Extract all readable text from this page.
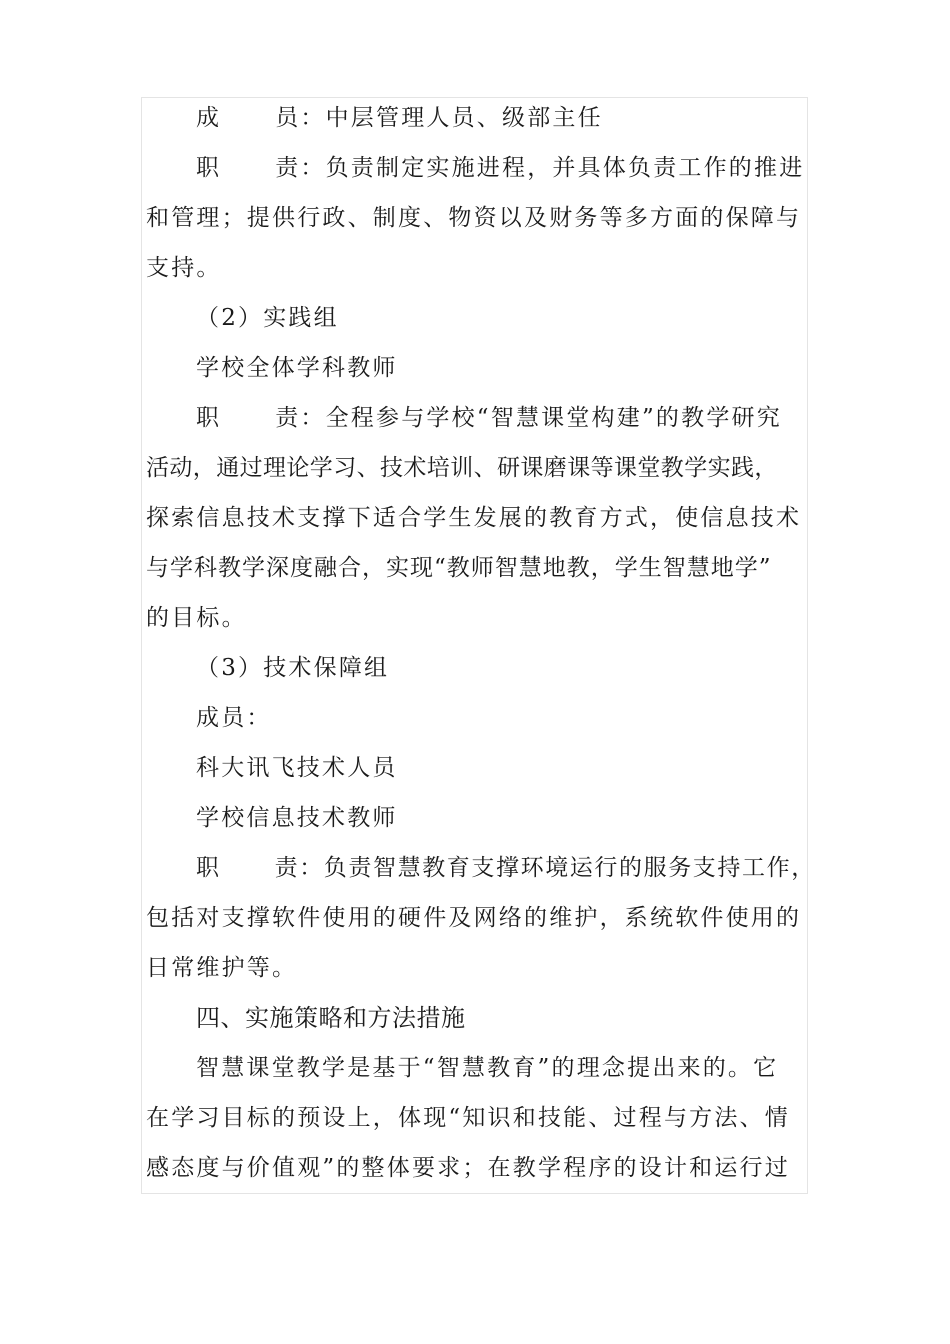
成 员：中层管理人员、级部主任
职 责：负责制定实施进程，并具体负责工作的推进
和管理；提供行政、制度、物资以及财务等多方面的保障与
支持。
（2）实践组
学校全体学科教师
职 责：全程参与学校“智慧课堂构建”的教学研究
活动，通过理论学习、技术培训、研课磨课等课堂教学实践，
探索信息技术支撑下适合学生发展的教育方式，使信息技术
与学科教学深度融合，实现“教师智慧地教，学生智慧地学”
的目标。
（3）技术保障组
成员：
科大讯飞技术人员
学校信息技术教师
职 责：负责智慧教育支撑环境运行的服务支持工作，
包括对支撑软件使用的硬件及网络的维护，系统软件使用的
日常维护等。
四、实施策略和方法措施
智慧课堂教学是基于“智慧教育”的理念提出来的。它
在学习目标的预设上，体现“知识和技能、过程与方法、情
感态度与价值观”的整体要求；在教学程序的设计和运行过
